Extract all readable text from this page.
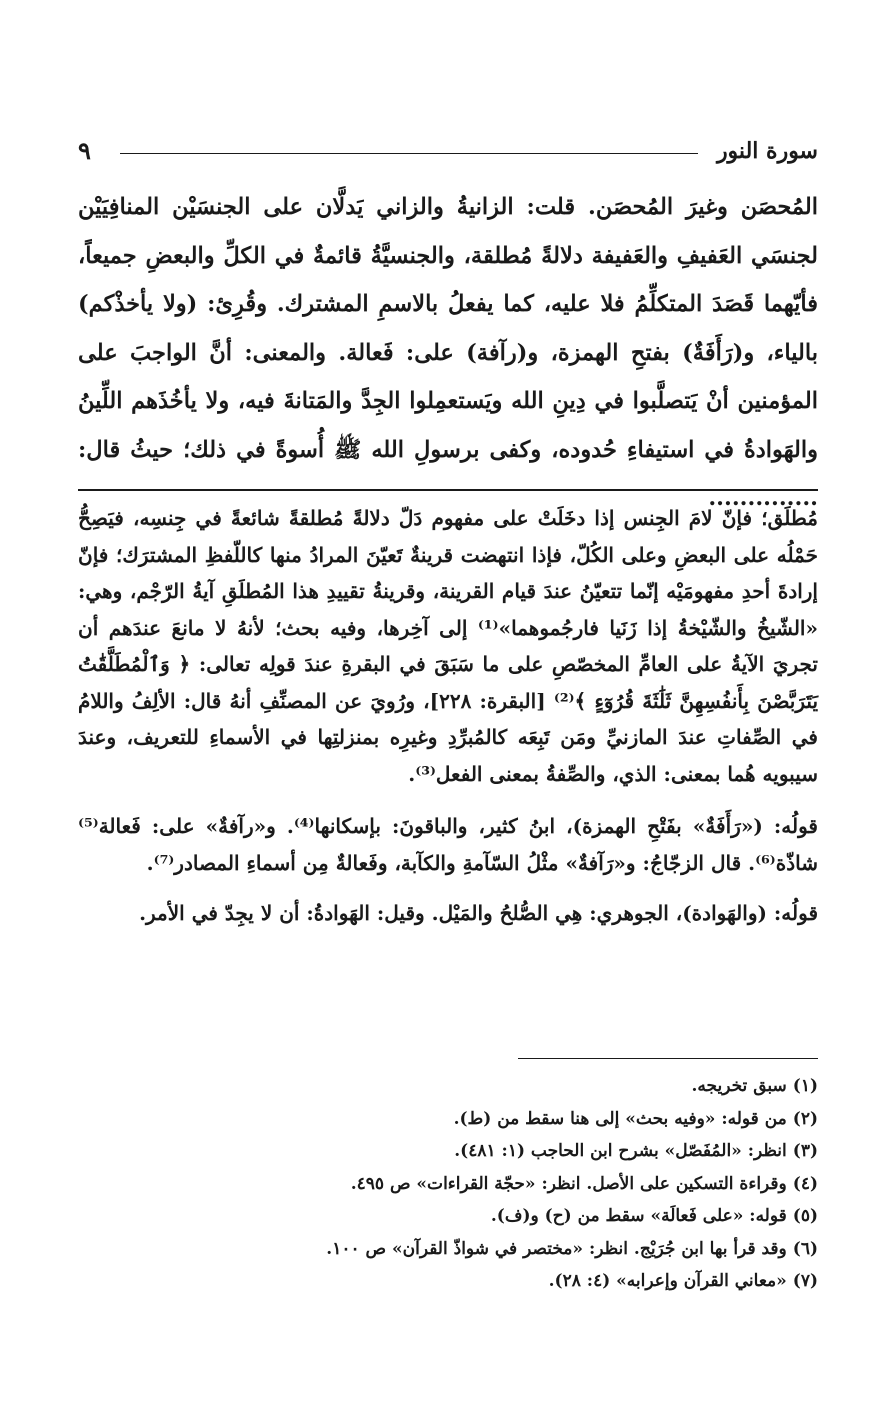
سورة النور
٩

المُحصَن وغيرَ المُحصَن. قلت: الزانيةُ والزاني يَدلَّان على الجنسَيْن المنافِيَيْن لجنسَي العَفيفِ والعَفيفة دلالةً مُطلقة، والجنسيَّةُ قائمةٌ في الكلِّ والبعضِ جميعاً، فأيّهما قَصَدَ المتكلِّمُ فلا عليه، كما يفعلُ بالاسمِ المشترك. وقُرِئ: (ولا يأخذْكم) بالياء، و(رَأَفَةٌ) بفتحِ الهمزة، و(رآفة) على: فَعالة. والمعنى: أنَّ الواجبَ على المؤمنين أنْ يَتصلَّبوا في دِينِ الله ويَستعمِلوا الجِدَّ والمَتانةَ فيه، ولا يأخُذَهم اللِّينُ والهَوادةُ في استيفاءِ حُدوده، وكفى برسولِ الله ﷺ أُسوةً في ذلك؛ حيثُ قال: ..............

مُطلَق؛ فإنّ لامَ الجِنس إذا دخَلَتْ على مفهوم دَلّ دلالةً مُطلقةً شائعةً في جِنسِه، فيَصِحُّ حَمْلُه على البعضِ وعلى الكُلّ، فإذا انتهضت قرينةٌ تَعيّنَ المرادُ منها كاللّفظِ المشترَك؛ فإنّ إرادةَ أحدِ مفهومَيْه إنّما تتعيّنُ عندَ قيام القرينة، وقرينةُ تقييدِ هذا المُطلَقِ آيةُ الرّجْم، وهي: «الشّيخُ والشّيْخةُ إذا زَنَيا فارجُموهما»⁽¹⁾ إلى آخِرها، وفيه بحث؛ لأنهُ لا مانعَ عندَهم أن تجريَ الآيةُ على العامِّ المخصّصِ على ما سَبَقَ في البقرةِ عندَ قولِه تعالى: ﴿ وَٱلْمُطَلَّقَٰتُ يَتَرَبَّصْنَ بِأَنفُسِهِنَّ ثَلَٰثَةَ قُرُوٓءٍ ﴾⁽²⁾ [البقرة: ٢٢٨]، ورُويَ عن المصنِّفِ أنهُ قال: الألِفُ واللامُ في الصِّفاتِ عندَ المازنيِّ ومَن تَبِعَه كالمُبرِّدِ وغيرِه بمنزلتِها في الأسماءِ للتعريف، وعندَ سيبويه هُما بمعنى: الذي، والصِّفةُ بمعنى الفعل⁽³⁾.

قولُه: («رَأَفَةٌ» بفَتْحِ الهمزة)، ابنُ كثير، والباقونَ: بإسكانها⁽⁴⁾. و«رآفةٌ» على: فَعالة⁽⁵⁾ شاذّة⁽⁶⁾. قال الزجّاجُ: و«رَآفةٌ» مثْلُ السّآمةِ والكآبة، وفَعالةٌ مِن أسماءِ المصادر⁽⁷⁾.

قولُه: (والهَوادة)، الجوهري: هِي الصُّلحُ والمَيْل. وقيل: الهَوادةُ: أن لا يجِدّ في الأمر.

(١)سبق تخريجه.
(٢)من قوله: «وفيه بحث» إلى هنا سقط من (ط).
(٣)انظر: «المُفَصّل» بشرح ابن الحاجب (١: ٤٨١).
(٤)وقراءة التسكين على الأصل. انظر: «حجّة القراءات» ص ٤٩٥.
(٥)قوله: «على فَعالَة» سقط من (ح) و(ف).
(٦)وقد قرأ بها ابن جُرَيْج. انظر: «مختصر في شواذّ القرآن» ص ١٠٠.
(٧)«معاني القرآن وإعرابه» (٤: ٢٨).
